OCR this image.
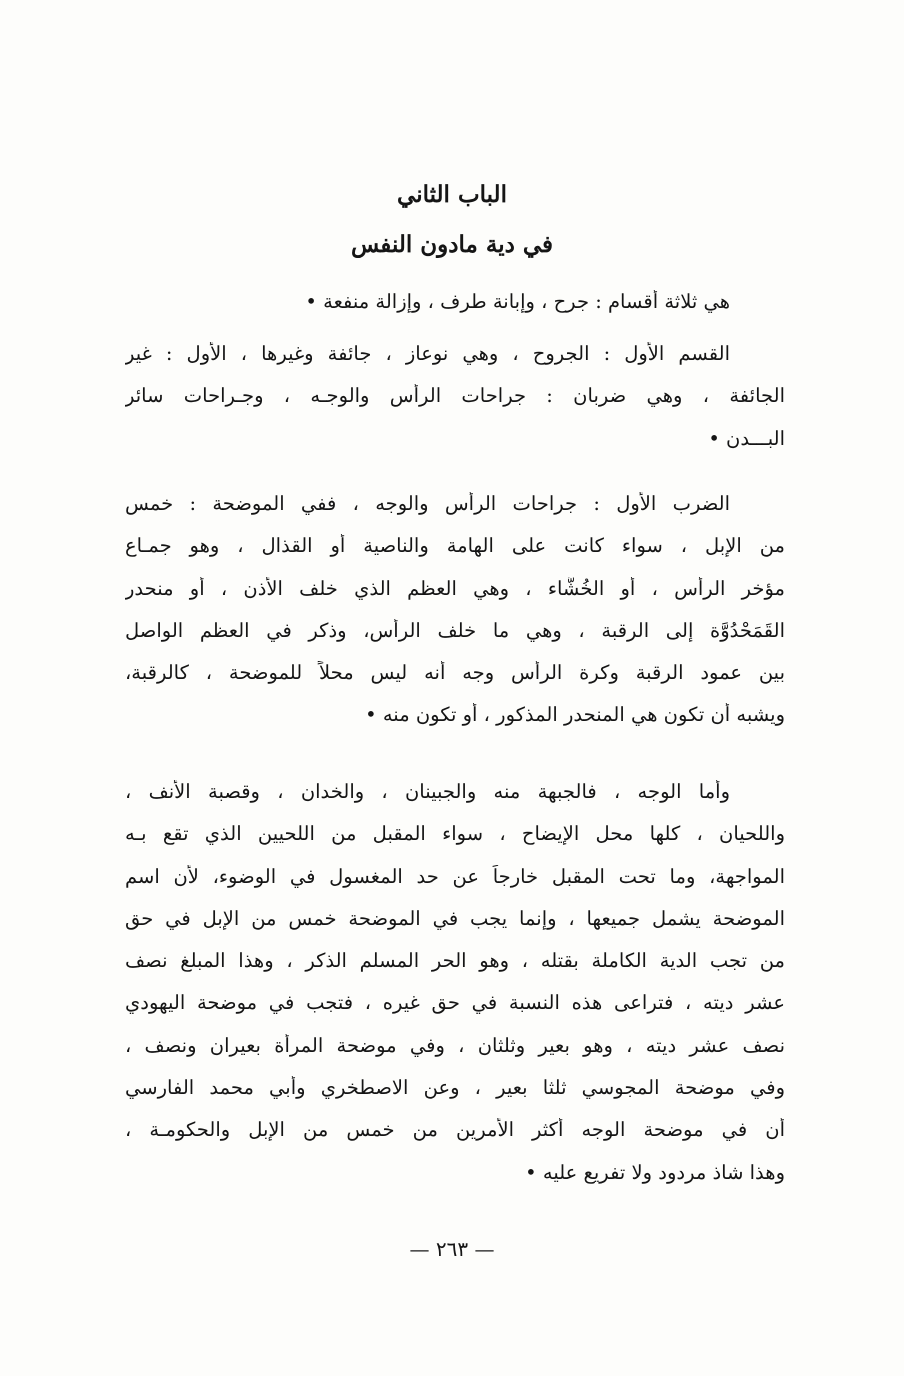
الباب الثاني
في دية مادون النفس
هي ثلاثة أقسام : جرح ، وإبانة طرف ، وإزالة منفعة •
القسم الأول : الجروح ، وهي نوعاز ، جائفة وغيرها ، الأول : غير
الجائفة ، وهي ضربان : جراحات الرأس والوجـه ، وجـراحات سائر
البـــدن •
الضرب الأول : جراحات الرأس والوجه ، ففي الموضحة : خمس
من الإبل ، سواء كانت على الهامة والناصية أو القذال ، وهو جمـاع
مؤخر الرأس ، أو الخُشَّاء ، وهي العظم الذي خلف الأذن ، أو منحدر
القَمَحْدُوَّة إلى الرقبة ، وهي ما خلف الرأس، وذكر في العظم الواصل
بين عمود الرقبة وكرة الرأس وجه أنه ليس محلاً للموضحة ، كالرقبة،
ويشبه أن تكون هي المنحدر المذكور ، أو تكون منه •
وأما الوجه ، فالجبهة منه والجبينان ، والخدان ، وقصبة الأنف ،
واللحيان ، كلها محل الإيضاح ، سواء المقبل من اللحيين الذي تقع بـه
المواجهة، وما تحت المقبل خارجاً عن حد المغسول في الوضوء، لأن اسم
الموضحة يشمل جميعها ، وإنما يجب في الموضحة خمس من الإبل في حق
من تجب الدية الكاملة بقتله ، وهو الحر المسلم الذكر ، وهذا المبلغ نصف
عشر ديته ، فتراعى هذه النسبة في حق غيره ، فتجب في موضحة اليهودي
نصف عشر ديته ، وهو بعير وثلثان ، وفي موضحة المرأة بعيران ونصف ،
وفي موضحة المجوسي ثلثا بعير ، وعن الاصطخري وأبي محمد الفارسي
أن في موضحة الوجه أكثر الأمرين من خمس من الإبل والحكومـة ،
وهذا شاذ مردود ولا تفريع عليه •
— ٢٦٣ —
